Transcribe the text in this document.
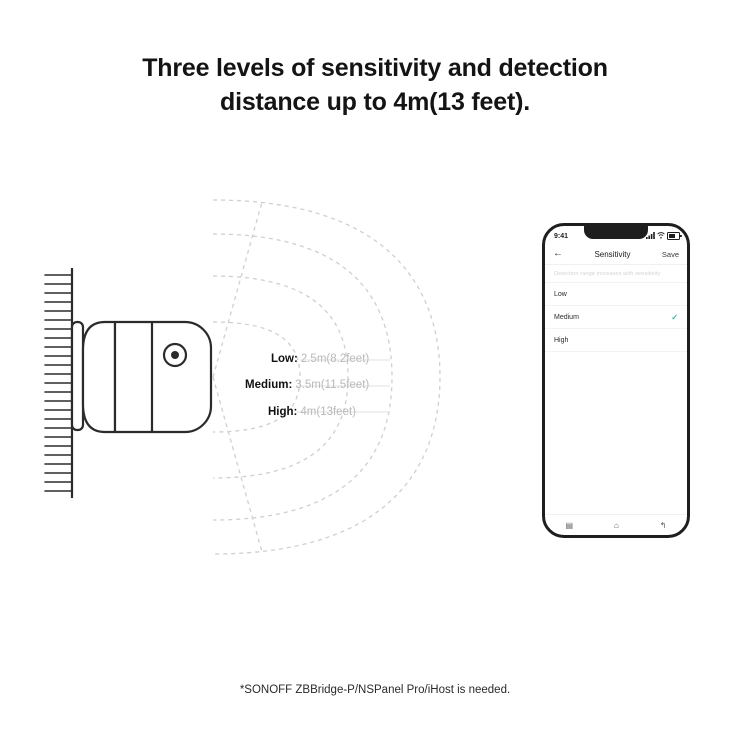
Three levels of sensitivity and detection
distance up to 4m(13 feet).
Low: 2.5m(8.2feet)
Medium: 3.5m(11.5feet)
High: 4m(13feet)
9:41
←	Sensitivity	Save
Detection range increases with sensitivity
Low
Medium	✓
High
▤	⌂	↰
*SONOFF ZBBridge-P/NSPanel Pro/iHost is needed.
